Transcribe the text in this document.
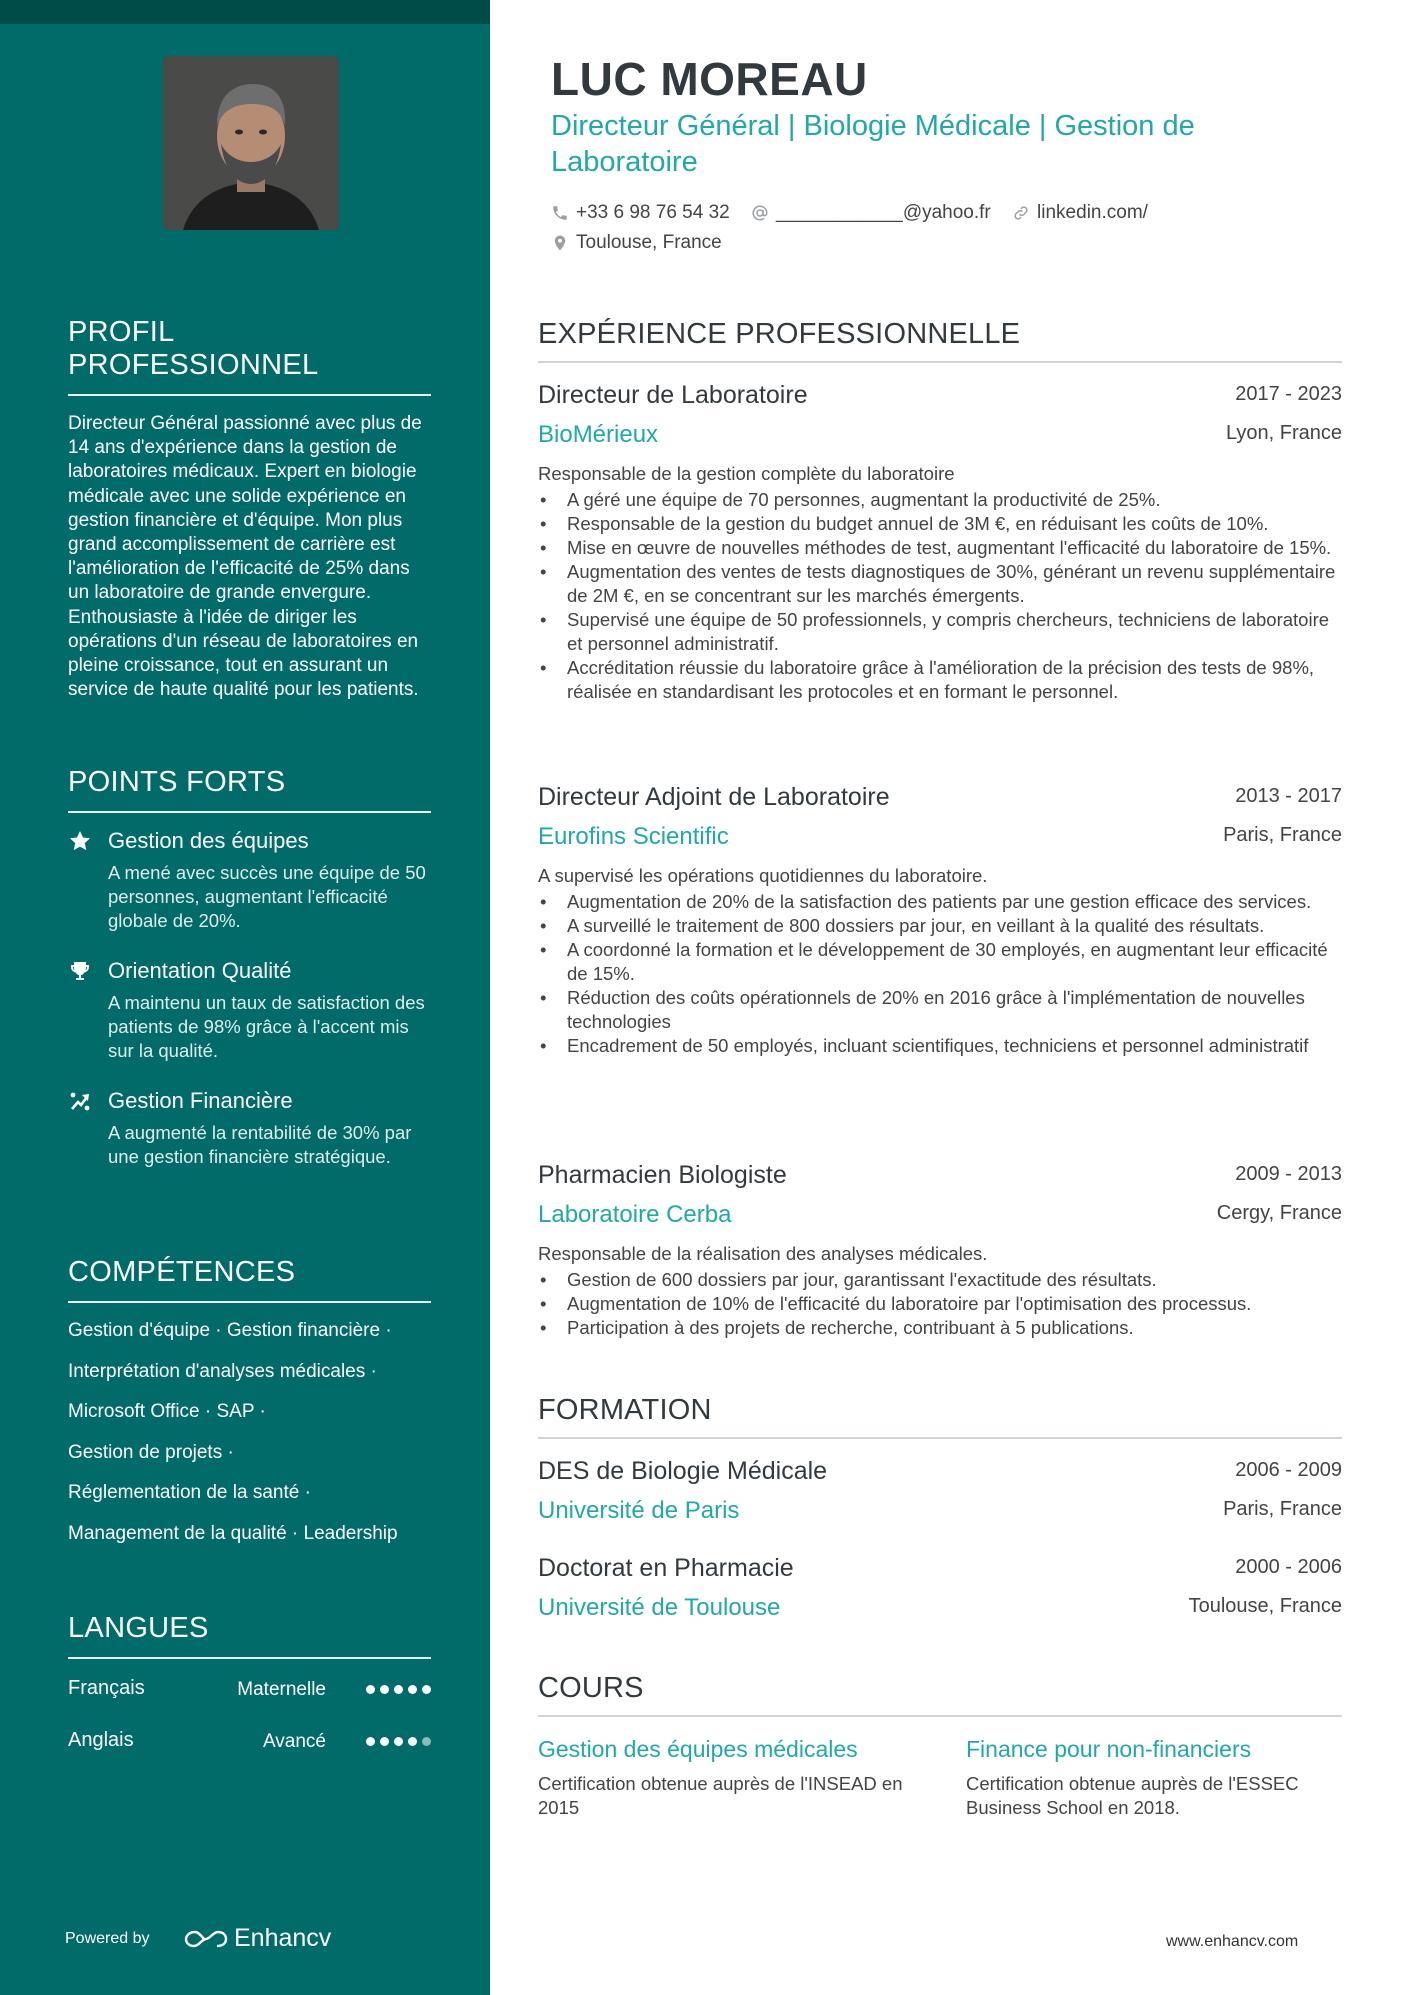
PROFIL PROFESSIONNEL
Directeur Général passionné avec plus de 14 ans d'expérience dans la gestion de laboratoires médicaux. Expert en biologie médicale avec une solide expérience en gestion financière et d'équipe. Mon plus grand accomplissement de carrière est l'amélioration de l'efficacité de 25% dans un laboratoire de grande envergure. Enthousiaste à l'idée de diriger les opérations d'un réseau de laboratoires en pleine croissance, tout en assurant un service de haute qualité pour les patients.
POINTS FORTS
Gestion des équipes
A mené avec succès une équipe de 50 personnes, augmentant l'efficacité globale de 20%.
Orientation Qualité
A maintenu un taux de satisfaction des patients de 98% grâce à l'accent mis sur la qualité.
Gestion Financière
A augmenté la rentabilité de 30% par une gestion financière stratégique.
COMPÉTENCES
Gestion d'équipe · Gestion financière ·
Interprétation d'analyses médicales ·
Microsoft Office · SAP ·
Gestion de projets ·
Réglementation de la santé ·
Management de la qualité · Leadership
LANGUES
Français	Maternelle
Anglais	Avancé
Powered by	Enhancv
LUC MOREAU
Directeur Général | Biologie Médicale | Gestion de Laboratoire
+33 6 98 76 54 32
____________@yahoo.fr
linkedin.com/

Toulouse, France
EXPÉRIENCE PROFESSIONNELLE
Directeur de Laboratoire	2017 - 2023
BioMérieux	Lyon, France
Responsable de la gestion complète du laboratoire
• A géré une équipe de 70 personnes, augmentant la productivité de 25%.
• Responsable de la gestion du budget annuel de 3M €, en réduisant les coûts de 10%.
• Mise en œuvre de nouvelles méthodes de test, augmentant l'efficacité du laboratoire de 15%.
• Augmentation des ventes de tests diagnostiques de 30%, générant un revenu supplémentaire de 2M €, en se concentrant sur les marchés émergents.
• Supervisé une équipe de 50 professionnels, y compris chercheurs, techniciens de laboratoire et personnel administratif.
• Accréditation réussie du laboratoire grâce à l'amélioration de la précision des tests de 98%, réalisée en standardisant les protocoles et en formant le personnel.
Directeur Adjoint de Laboratoire	2013 - 2017
Eurofins Scientific	Paris, France
A supervisé les opérations quotidiennes du laboratoire.
• Augmentation de 20% de la satisfaction des patients par une gestion efficace des services.
• A surveillé le traitement de 800 dossiers par jour, en veillant à la qualité des résultats.
• A coordonné la formation et le développement de 30 employés, en augmentant leur efficacité de 15%.
• Réduction des coûts opérationnels de 20% en 2016 grâce à l'implémentation de nouvelles technologies
• Encadrement de 50 employés, incluant scientifiques, techniciens et personnel administratif
Pharmacien Biologiste	2009 - 2013
Laboratoire Cerba	Cergy, France
Responsable de la réalisation des analyses médicales.
• Gestion de 600 dossiers par jour, garantissant l'exactitude des résultats.
• Augmentation de 10% de l'efficacité du laboratoire par l'optimisation des processus.
• Participation à des projets de recherche, contribuant à 5 publications.
FORMATION
DES de Biologie Médicale	2006 - 2009
Université de Paris	Paris, France
Doctorat en Pharmacie	2000 - 2006
Université de Toulouse	Toulouse, France
COURS
Gestion des équipes médicales
Certification obtenue auprès de l'INSEAD en 2015
Finance pour non-financiers
Certification obtenue auprès de l'ESSEC Business School en 2018.
www.enhancv.com
